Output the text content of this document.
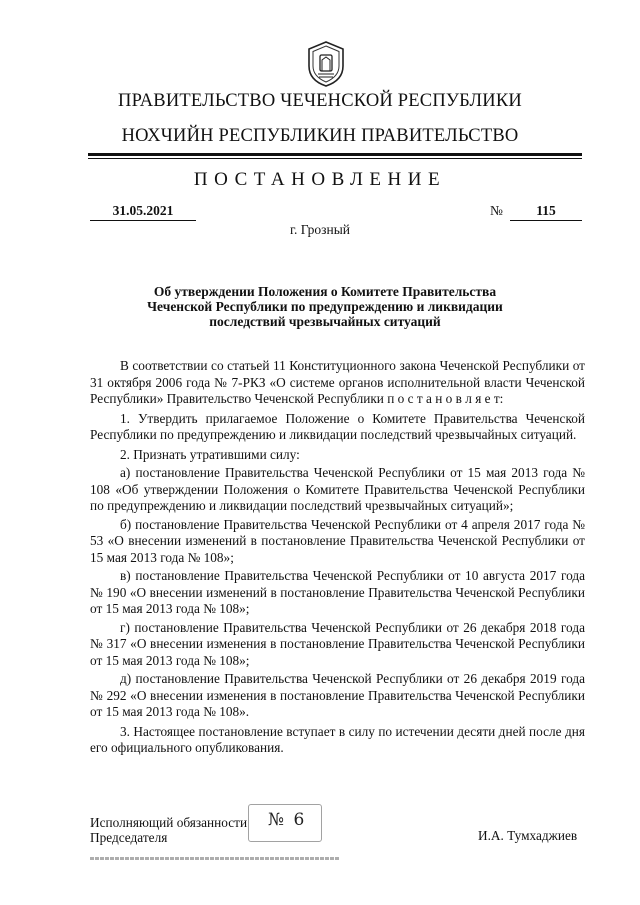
ПРАВИТЕЛЬСТВО ЧЕЧЕНСКОЙ РЕСПУБЛИКИ
НОХЧИЙН РЕСПУБЛИКИН ПРАВИТЕЛЬСТВО
ПОСТАНОВЛЕНИЕ
31.05.2021	№	115
г. Грозный
Об утверждении Положения о Комитете Правительства
Чеченской Республики по предупреждению и ликвидации
последствий чрезвычайных ситуаций

В соответствии со статьей 11 Конституционного закона Чеченской Республики от 31 октября 2006 года № 7-РКЗ «О системе органов исполнительной власти Чеченской Республики» Правительство Чеченской Республики п о с т а н о в л я е т:

1. Утвердить прилагаемое Положение о Комитете Правительства Чеченской Республики по предупреждению и ликвидации последствий чрезвычайных ситуаций.

2. Признать утратившими силу:

а) постановление Правительства Чеченской Республики от 15 мая 2013 года № 108 «Об утверждении Положения о Комитете Правительства Чеченской Республики по предупреждению и ликвидации последствий чрезвычайных ситуаций»;

б) постановление Правительства Чеченской Республики от 4 апреля 2017 года № 53 «О внесении изменений в постановление Правительства Чеченской Республики от 15 мая 2013 года № 108»;

в) постановление Правительства Чеченской Республики от 10 августа 2017 года № 190 «О внесении изменений в постановление Правительства Чеченской Республики от 15 мая 2013 года № 108»;

г) постановление Правительства Чеченской Республики от 26 декабря 2018 года № 317 «О внесении изменения в постановление Правительства Чеченской Республики от 15 мая 2013 года № 108»;

д) постановление Правительства Чеченской Республики от 26 декабря 2019 года № 292 «О внесении изменения в постановление Правительства Чеченской Республики от 15 мая 2013 года № 108».

3. Настоящее постановление вступает в силу по истечении десяти дней после дня его официального опубликования.

Исполняющий обязанности
Председателя
№ 6
И.А. Тумхаджиев
